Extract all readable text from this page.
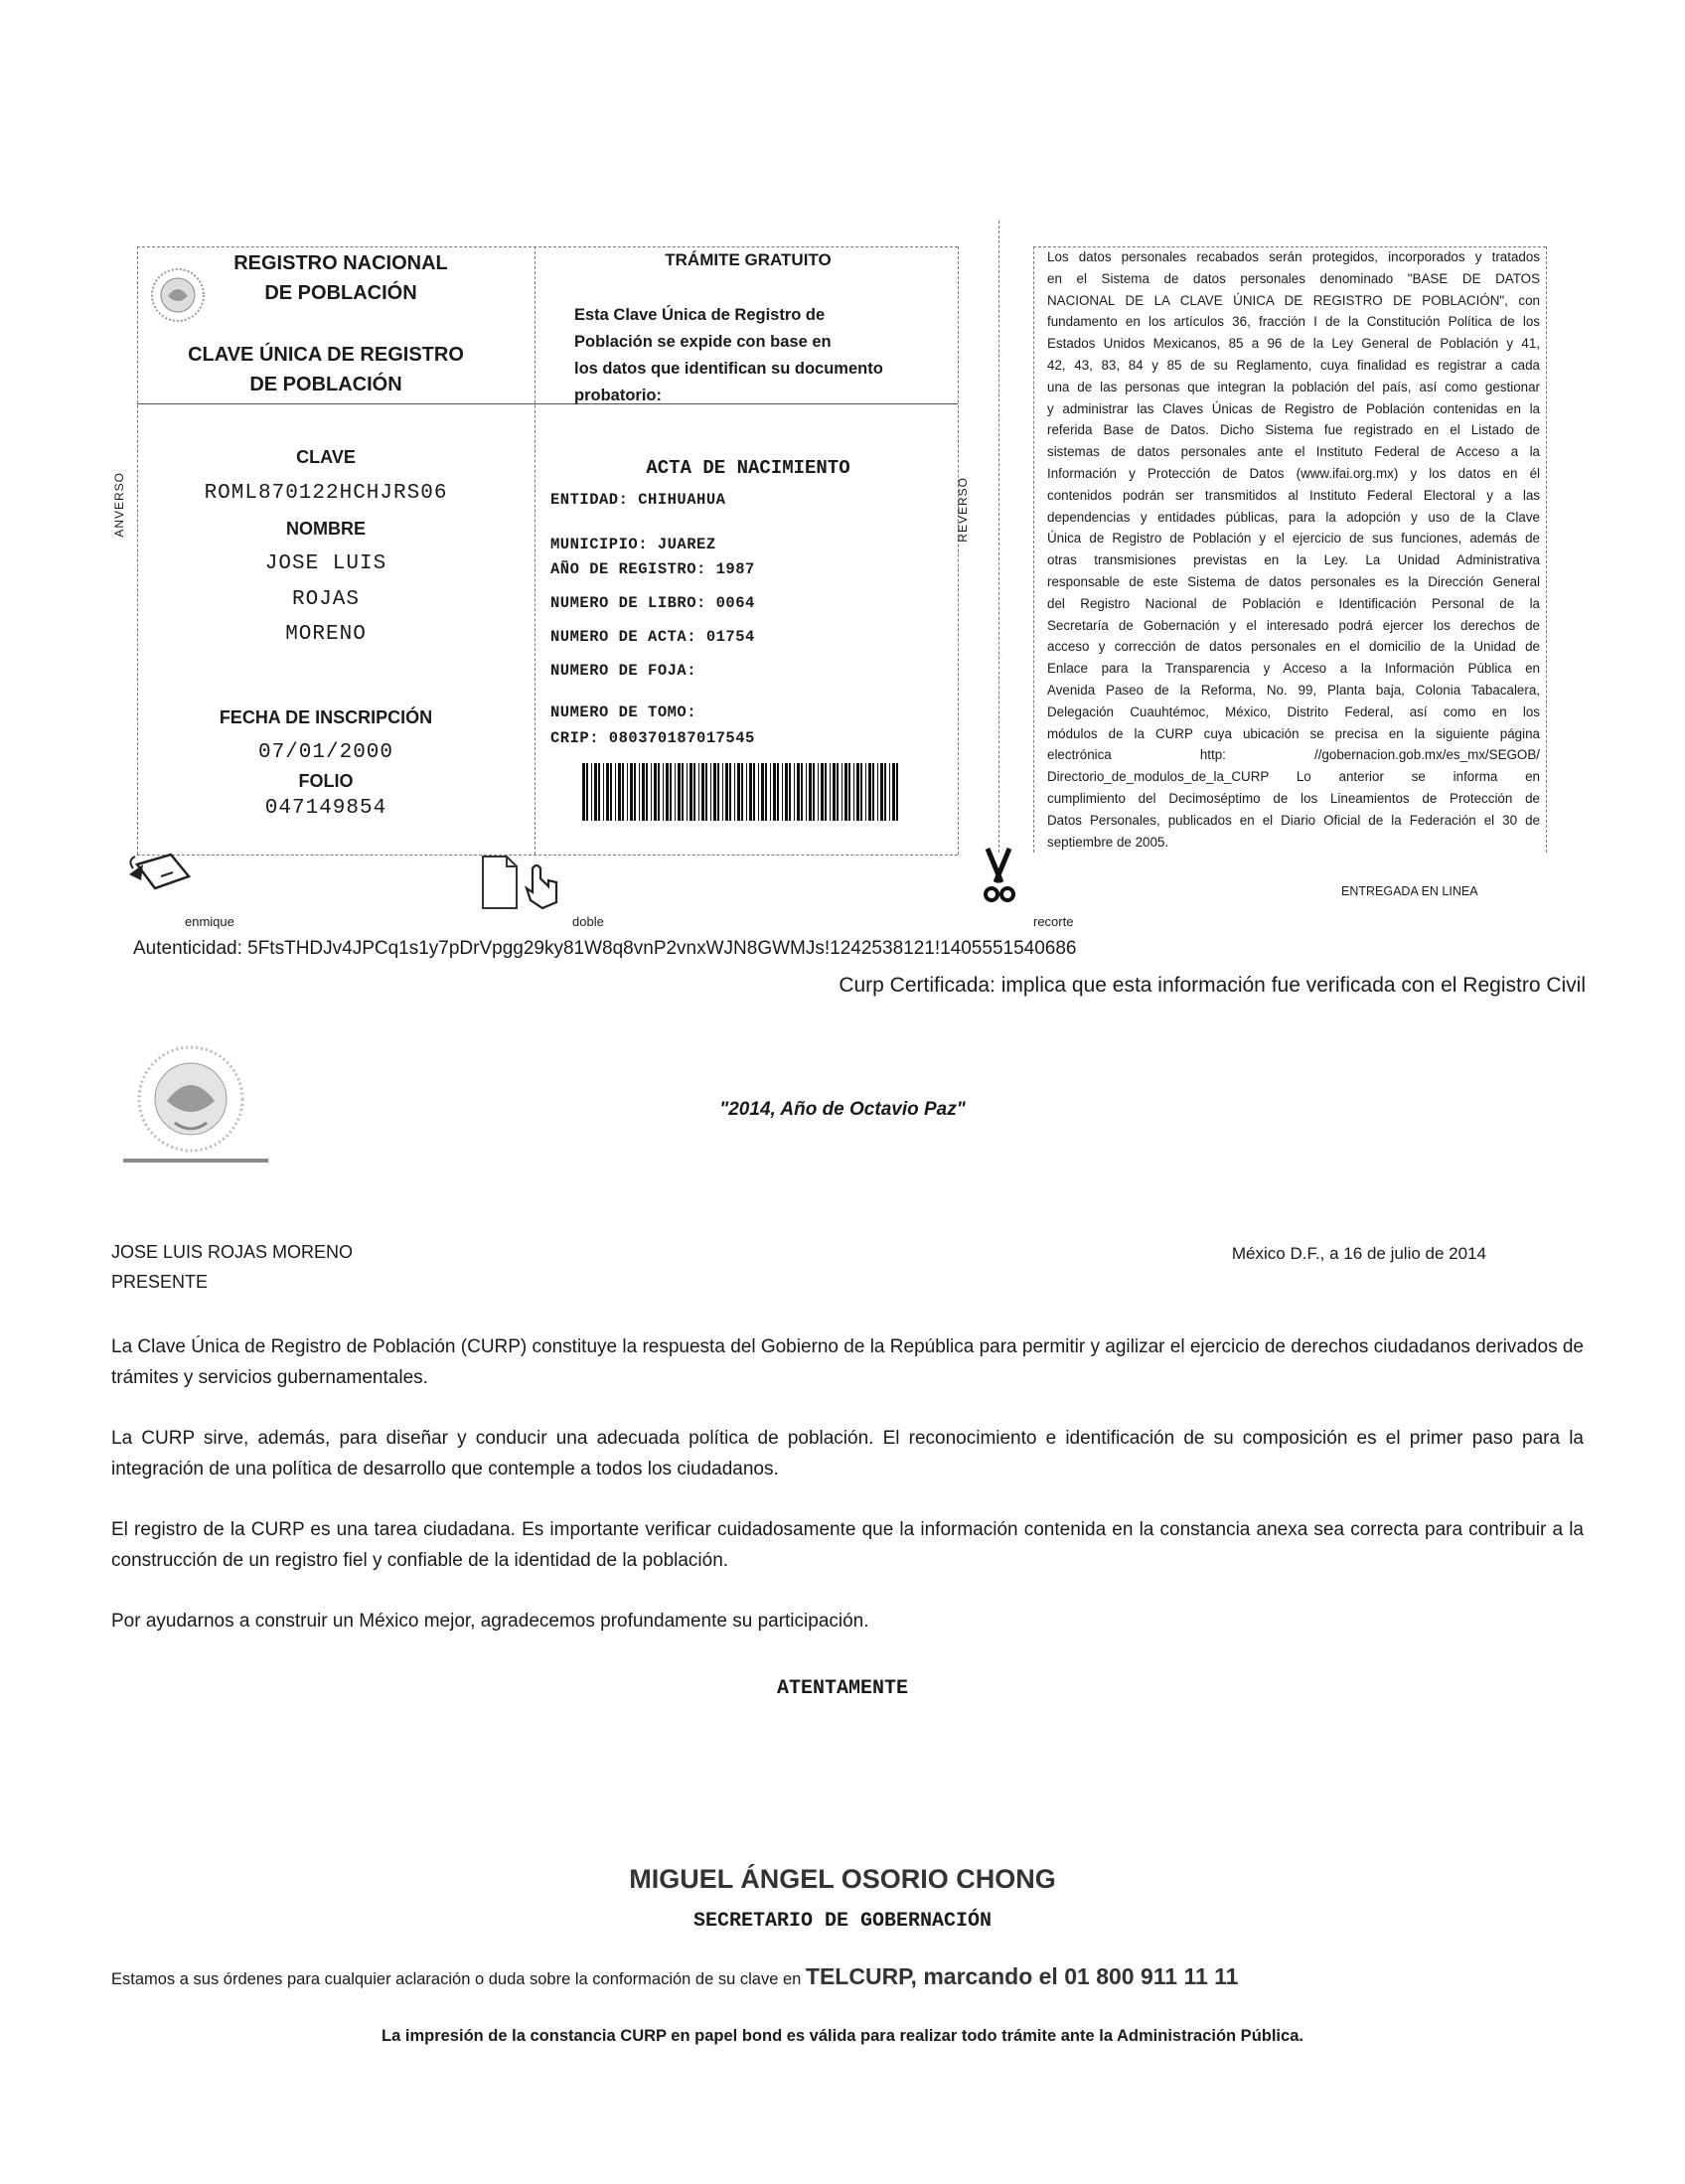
REGISTRO NACIONAL
DE POBLACIÓN
CLAVE ÚNICA DE REGISTRO
DE POBLACIÓN
TRÁMITE GRATUITO
Esta Clave Única de Registro de
Población se expide con base en
los datos que identifican su documento
probatorio:
CLAVE
ROML870122HCHJRS06
NOMBRE
JOSE LUIS
ROJAS
MORENO
FECHA DE INSCRIPCIÓN
07/01/2000
FOLIO
047149854
ACTA DE NACIMIENTO
ENTIDAD: CHIHUAHUA
MUNICIPIO: JUAREZ
AÑO DE REGISTRO: 1987
NUMERO DE LIBRO: 0064
NUMERO DE ACTA: 01754
NUMERO DE FOJA:
NUMERO DE TOMO:
CRIP: 080370187017545
ANVERSO	REVERSO
Los datos personales recabados serán protegidos, incorporados y tratados
en el Sistema de datos personales denominado "BASE DE DATOS
NACIONAL DE LA CLAVE ÚNICA DE REGISTRO DE POBLACIÓN", con
fundamento en los artículos 36, fracción I de la Constitución Política de los
Estados Unidos Mexicanos, 85 a 96 de la Ley General de Población y 41,
42, 43, 83, 84 y 85 de su Reglamento, cuya finalidad es registrar a cada
una de las personas que integran la población del país, así como gestionar
y administrar las Claves Únicas de Registro de Población contenidas en la
referida Base de Datos. Dicho Sistema fue registrado en el Listado de
sistemas de datos personales ante el Instituto Federal de Acceso a la
Información y Protección de Datos (www.ifai.org.mx) y los datos en él
contenidos podrán ser transmitidos al Instituto Federal Electoral y a las
dependencias y entidades públicas, para la adopción y uso de la Clave
Única de Registro de Población y el ejercicio de sus funciones, además de
otras transmisiones previstas en la Ley. La Unidad Administrativa
responsable de este Sistema de datos personales es la Dirección General
del Registro Nacional de Población e Identificación Personal de la
Secretaría de Gobernación y el interesado podrá ejercer los derechos de
acceso y corrección de datos personales en el domicilio de la Unidad de
Enlace para la Transparencia y Acceso a la Información Pública en
Avenida Paseo de la Reforma, No. 99, Planta baja, Colonia Tabacalera,
Delegación Cuauhtémoc, México, Distrito Federal, así como en los
módulos de la CURP cuya ubicación se precisa en la siguiente página
electrónica http: //gobernacion.gob.mx/es_mx/SEGOB/
Directorio_de_modulos_de_la_CURP Lo anterior se informa en
cumplimiento del Decimoséptimo de los Lineamientos de Protección de
Datos Personales, publicados en el Diario Oficial de la Federación el 30 de
septiembre de 2005.
enmique	doble	recorte
ENTREGADA EN LINEA
Autenticidad: 5FtsTHDJv4JPCq1s1y7pDrVpgg29ky81W8q8vnP2vnxWJN8GWMJs!1242538121!1405551540686
Curp Certificada: implica que esta información fue verificada con el Registro Civil
"2014, Año de Octavio Paz"
JOSE LUIS ROJAS MORENO
PRESENTE
México D.F., a 16 de julio de 2014
La Clave Única de Registro de Población (CURP) constituye la respuesta del Gobierno de la República para permitir y agilizar el ejercicio de derechos ciudadanos derivados de trámites y servicios gubernamentales.
La CURP sirve, además, para diseñar y conducir una adecuada política de población. El reconocimiento e identificación de su composición es el primer paso para la integración de una política de desarrollo que contemple a todos los ciudadanos.
El registro de la CURP es una tarea ciudadana. Es importante verificar cuidadosamente que la información contenida en la constancia anexa sea correcta para contribuir a la construcción de un registro fiel y confiable de la identidad de la población.
Por ayudarnos a construir un México mejor, agradecemos profundamente su participación.
ATENTAMENTE
MIGUEL ÁNGEL OSORIO CHONG
SECRETARIO DE GOBERNACIÓN
Estamos a sus órdenes para cualquier aclaración o duda sobre la conformación de su clave en TELCURP, marcando el 01 800 911 11 11
La impresión de la constancia CURP en papel bond es válida para realizar todo trámite ante la Administración Pública.
